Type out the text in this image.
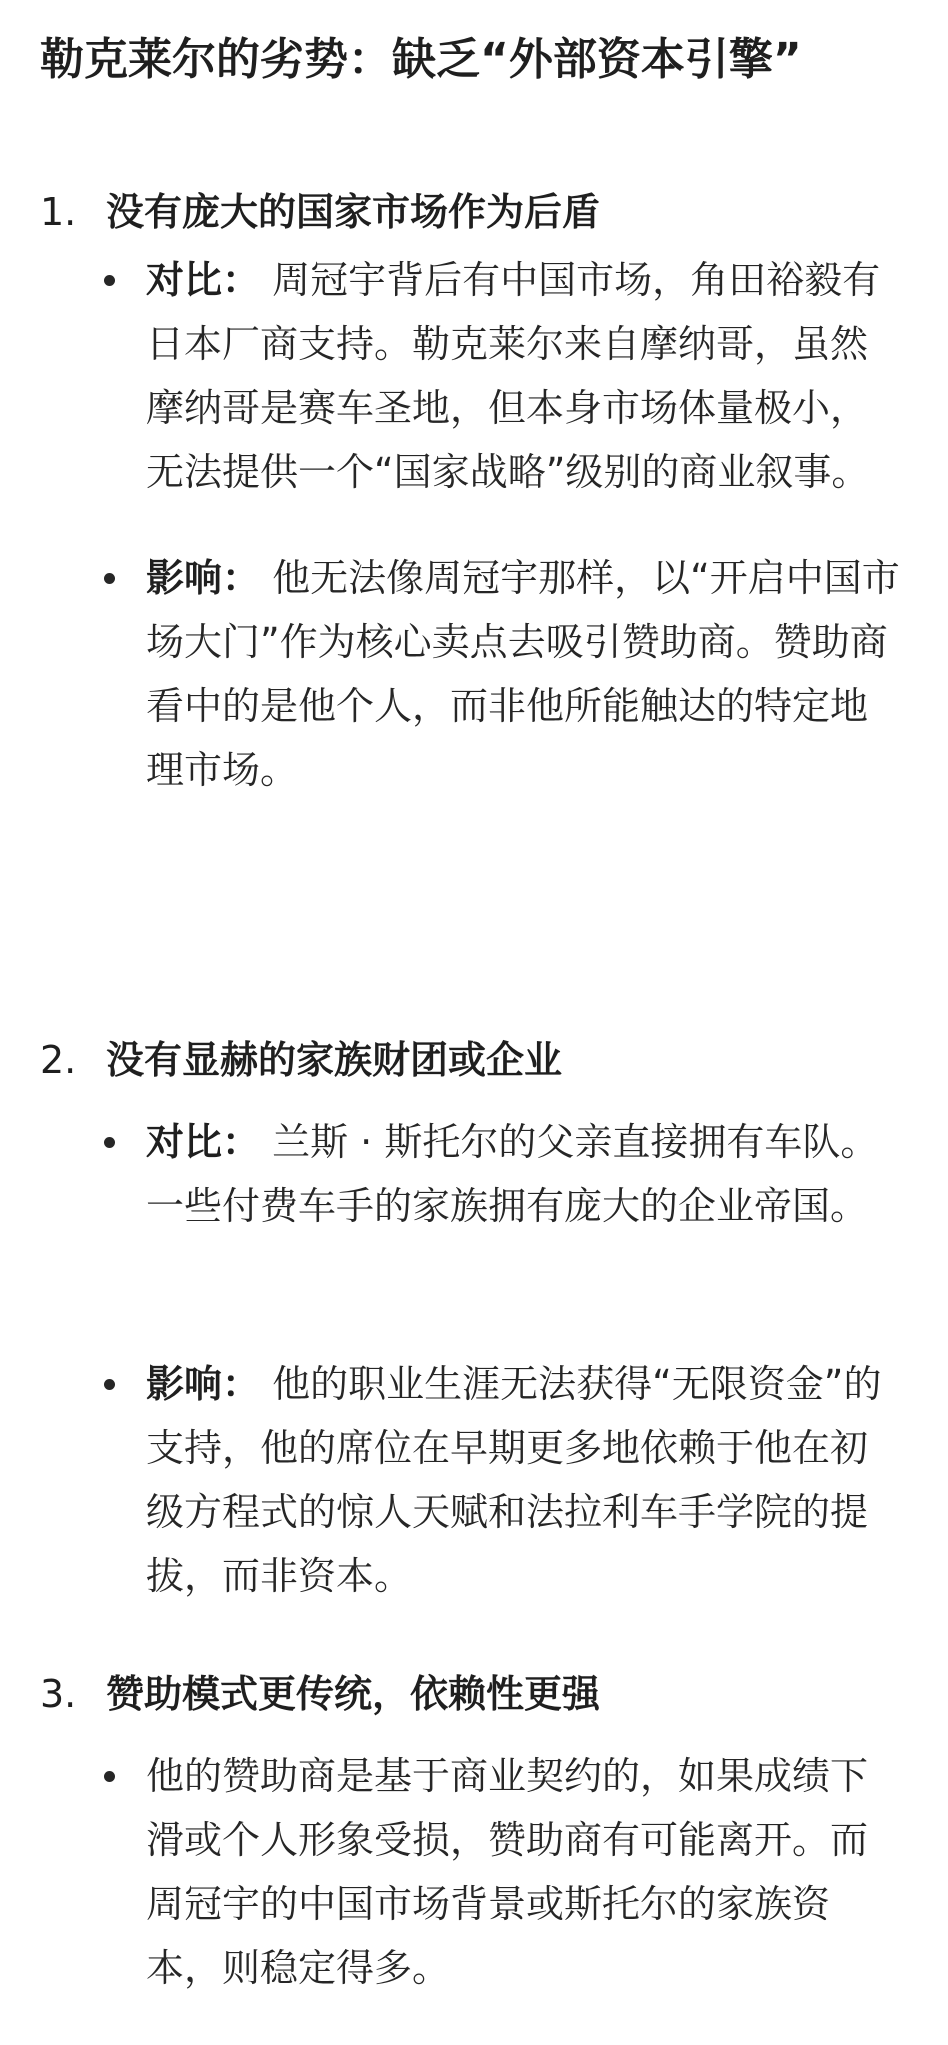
勒克莱尔的劣势：缺乏“外部资本引擎”
1. 没有庞大的国家市场作为后盾
对比： 周冠宇背后有中国市场，角田裕毅有日本厂商支持。勒克莱尔来自摩纳哥，虽然摩纳哥是赛车圣地，但本身市场体量极小，无法提供一个“国家战略”级别的商业叙事。
影响： 他无法像周冠宇那样，以“开启中国市场大门”作为核心卖点去吸引赞助商。赞助商看中的是他个人，而非他所能触达的特定地理市场。
2. 没有显赫的家族财团或企业
对比： 兰斯 · 斯托尔的父亲直接拥有车队。一些付费车手的家族拥有庞大的企业帝国。
影响： 他的职业生涯无法获得“无限资金”的支持，他的席位在早期更多地依赖于他在初级方程式的惊人天赋和法拉利车手学院的提拔，而非资本。
3. 赞助模式更传统，依赖性更强
他的赞助商是基于商业契约的，如果成绩下滑或个人形象受损，赞助商有可能离开。而周冠宇的中国市场背景或斯托尔的家族资本，则稳定得多。
